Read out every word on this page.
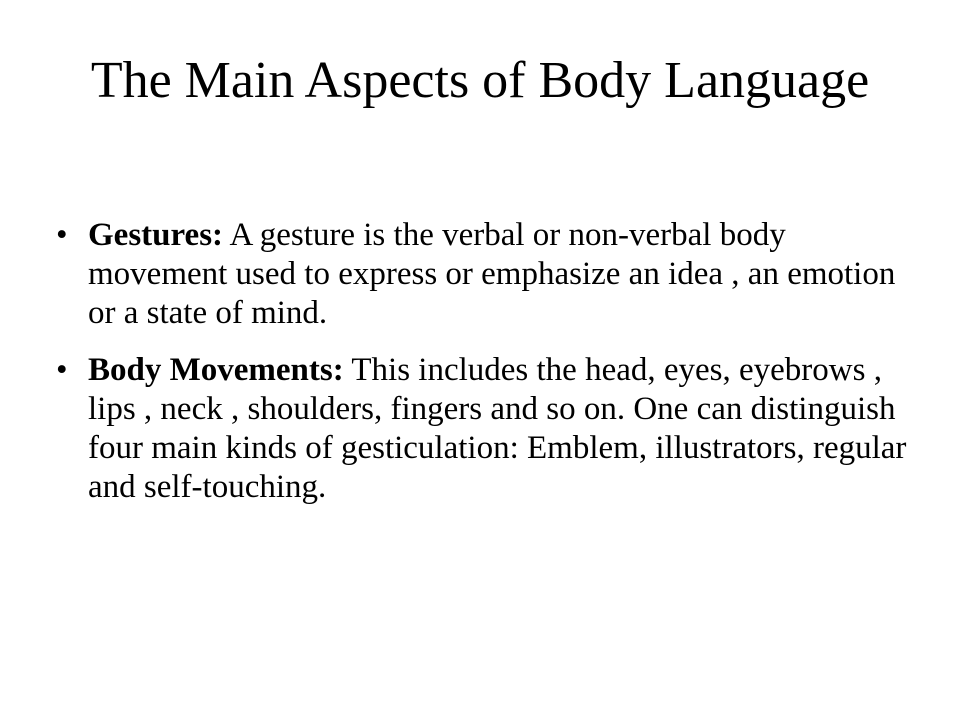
The Main Aspects of Body Language
• Gestures: A gesture is the verbal or non-verbal body movement used to express or emphasize an idea , an emotion or a state of mind.
• Body Movements: This includes the head, eyes, eyebrows , lips , neck , shoulders, fingers and so on. One can distinguish four main kinds of gesticulation: Emblem, illustrators, regular and self-touching.
